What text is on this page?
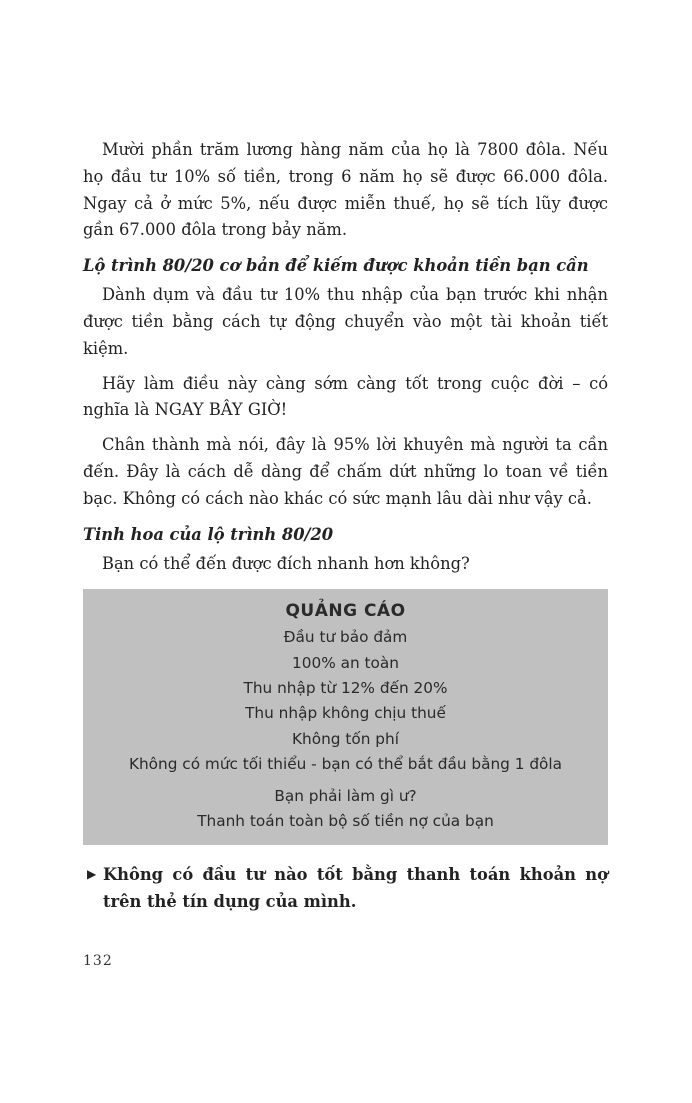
Mười phần trăm lương hàng năm của họ là 7800 đôla. Nếu họ đầu tư 10% số tiền, trong 6 năm họ sẽ được 66.000 đôla. Ngay cả ở mức 5%, nếu được miễn thuế, họ sẽ tích lũy được gần 67.000 đôla trong bảy năm.

Lộ trình 80/20 cơ bản để kiếm được khoản tiền bạn cần

Dành dụm và đầu tư 10% thu nhập của bạn trước khi nhận được tiền bằng cách tự động chuyển vào một tài khoản tiết kiệm.

Hãy làm điều này càng sớm càng tốt trong cuộc đời – có nghĩa là NGAY BÂY GIỜ!

Chân thành mà nói, đây là 95% lời khuyên mà người ta cần đến. Đây là cách dễ dàng để chấm dứt những lo toan về tiền bạc. Không có cách nào khác có sức mạnh lâu dài như vậy cả.

Tinh hoa của lộ trình 80/20

Bạn có thể đến được đích nhanh hơn không?

QUẢNG CÁO
Đầu tư bảo đảm
100% an toàn
Thu nhập từ 12% đến 20%
Thu nhập không chịu thuế
Không tốn phí
Không có mức tối thiểu - bạn có thể bắt đầu bằng 1 đôla
Bạn phải làm gì ư?
Thanh toán toàn bộ số tiền nợ của bạn
▶ Không có đầu tư nào tốt bằng thanh toán khoản nợ trên thẻ tín dụng của mình.
132
